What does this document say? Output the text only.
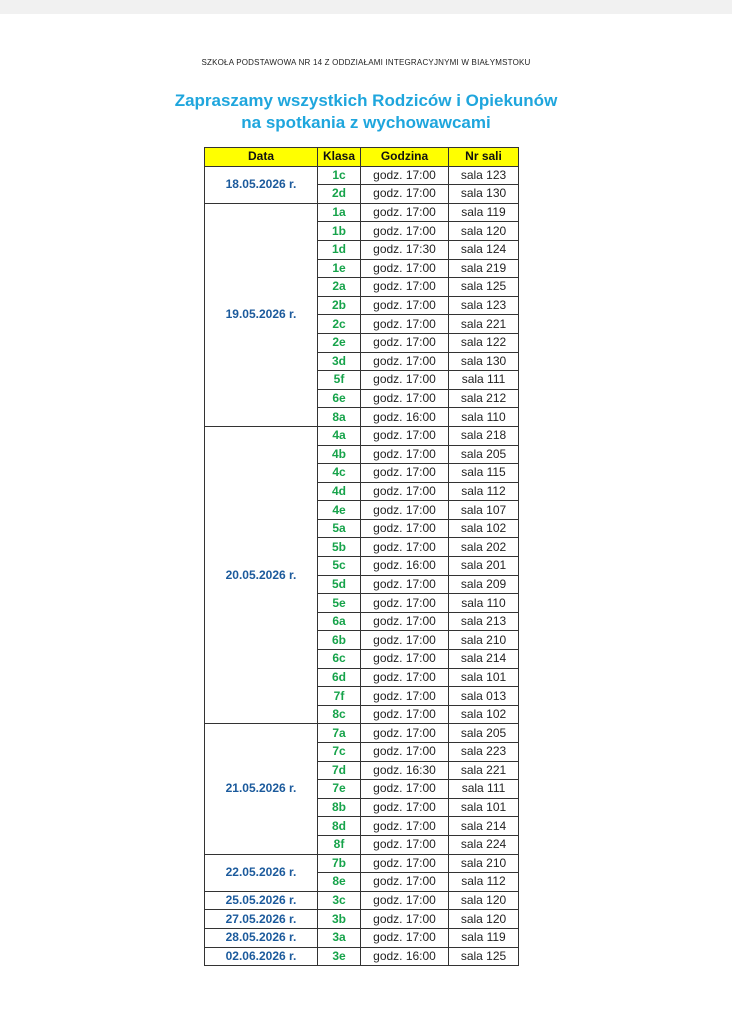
SZKOŁA PODSTAWOWA NR 14 Z ODDZIAŁAMI INTEGRACYJNYMI W BIAŁYMSTOKU
Zapraszamy wszystkich Rodziców i Opiekunów
na spotkania z wychowawcami
Data	Klasa	Godzina	Nr sali
18.05.2026 r.	1c	godz. 17:00	sala 123
	2d	godz. 17:00	sala 130
19.05.2026 r.	1a	godz. 17:00	sala 119
	1b	godz. 17:00	sala 120
	1d	godz. 17:30	sala 124
	1e	godz. 17:00	sala 219
	2a	godz. 17:00	sala 125
	2b	godz. 17:00	sala 123
	2c	godz. 17:00	sala 221
	2e	godz. 17:00	sala 122
	3d	godz. 17:00	sala 130
	5f	godz. 17:00	sala 111
	6e	godz. 17:00	sala 212
	8a	godz. 16:00	sala 110
20.05.2026 r.	4a	godz. 17:00	sala 218
	4b	godz. 17:00	sala 205
	4c	godz. 17:00	sala 115
	4d	godz. 17:00	sala 112
	4e	godz. 17:00	sala 107
	5a	godz. 17:00	sala 102
	5b	godz. 17:00	sala 202
	5c	godz. 16:00	sala 201
	5d	godz. 17:00	sala 209
	5e	godz. 17:00	sala 110
	6a	godz. 17:00	sala 213
	6b	godz. 17:00	sala 210
	6c	godz. 17:00	sala 214
	6d	godz. 17:00	sala 101
	7f	godz. 17:00	sala 013
	8c	godz. 17:00	sala 102
21.05.2026 r.	7a	godz. 17:00	sala 205
	7c	godz. 17:00	sala 223
	7d	godz. 16:30	sala 221
	7e	godz. 17:00	sala 111
	8b	godz. 17:00	sala 101
	8d	godz. 17:00	sala 214
	8f	godz. 17:00	sala 224
22.05.2026 r.	7b	godz. 17:00	sala 210
	8e	godz. 17:00	sala 112
25.05.2026 r.	3c	godz. 17:00	sala 120
27.05.2026 r.	3b	godz. 17:00	sala 120
28.05.2026 r.	3a	godz. 17:00	sala 119
02.06.2026 r.	3e	godz. 16:00	sala 125
